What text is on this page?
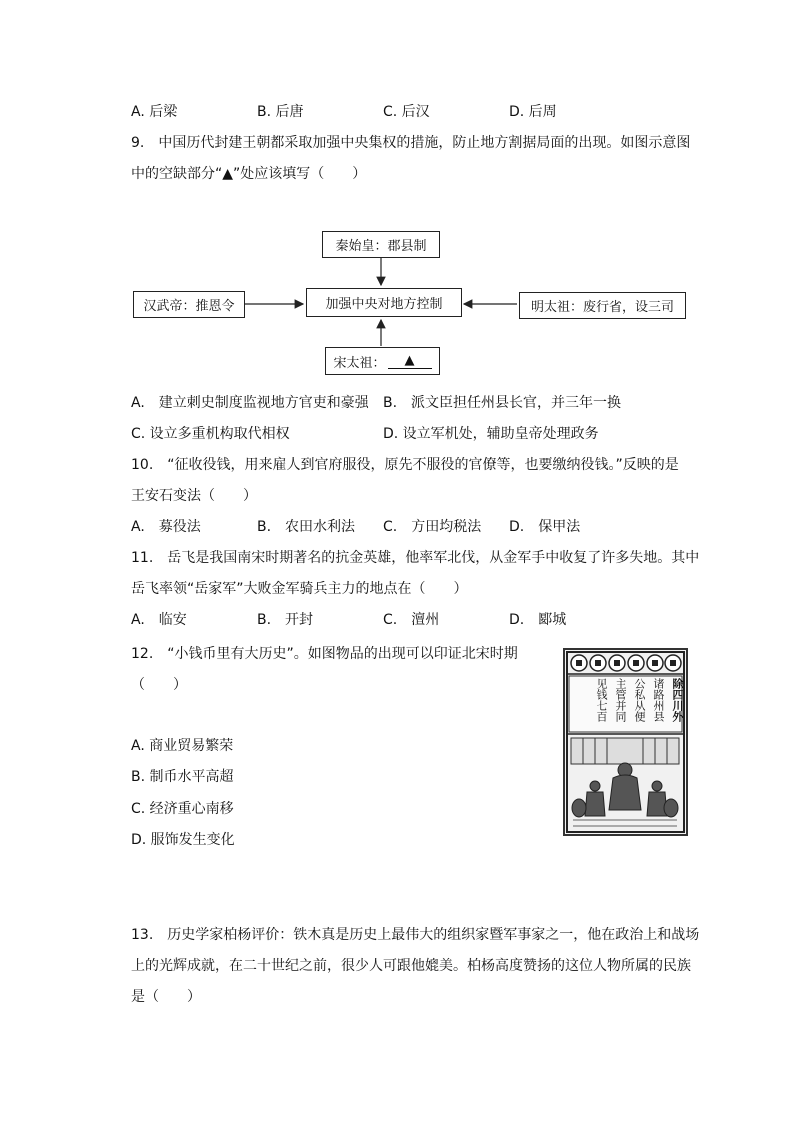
A. 后梁	B. 后唐	C. 后汉	D. 后周
9.　中国历代封建王朝都采取加强中央集权的措施，防止地方割据局面的出现。如图示意图
中的空缺部分“▲”处应该填写（　　）
秦始皇：郡县制
汉武帝：推恩令	加强中央对地方控制	明太祖：废行省，设三司
宋太祖：	▲
A.　建立刺史制度监视地方官吏和豪强 B.　派文臣担任州县长官，并三年一换
C. 设立多重机构取代相权	D. 设立军机处，辅助皇帝处理政务
10.　“征收役钱，用来雇人到官府服役，原先不服役的官僚等，也要缴纳役钱。”反映的是
王安石变法（　　）
A.　募役法	B.　农田水利法 C.　方田均税法 D.　保甲法
11.　岳飞是我国南宋时期著名的抗金英雄，他率军北伐，从金军手中收复了许多失地。其中
岳飞率领“岳家军”大败金军骑兵主力的地点在（　　）
A.　临安	B.　开封	C.　澶州	D.　郾城
12.　“小钱币里有大历史”。如图物品的出现可以印证北宋时期
（　　）
A. 商业贸易繁荣
B. 制币水平高超
C. 经济重心南移
D. 服饰发生变化
除四川外
诸路州县
公私从便
主管并同
见钱七百
13.　历史学家柏杨评价：铁木真是历史上最伟大的组织家暨军事家之一，他在政治上和战场
上的光辉成就，在二十世纪之前，很少人可跟他媲美。柏杨高度赞扬的这位人物所属的民族
是（　　）
